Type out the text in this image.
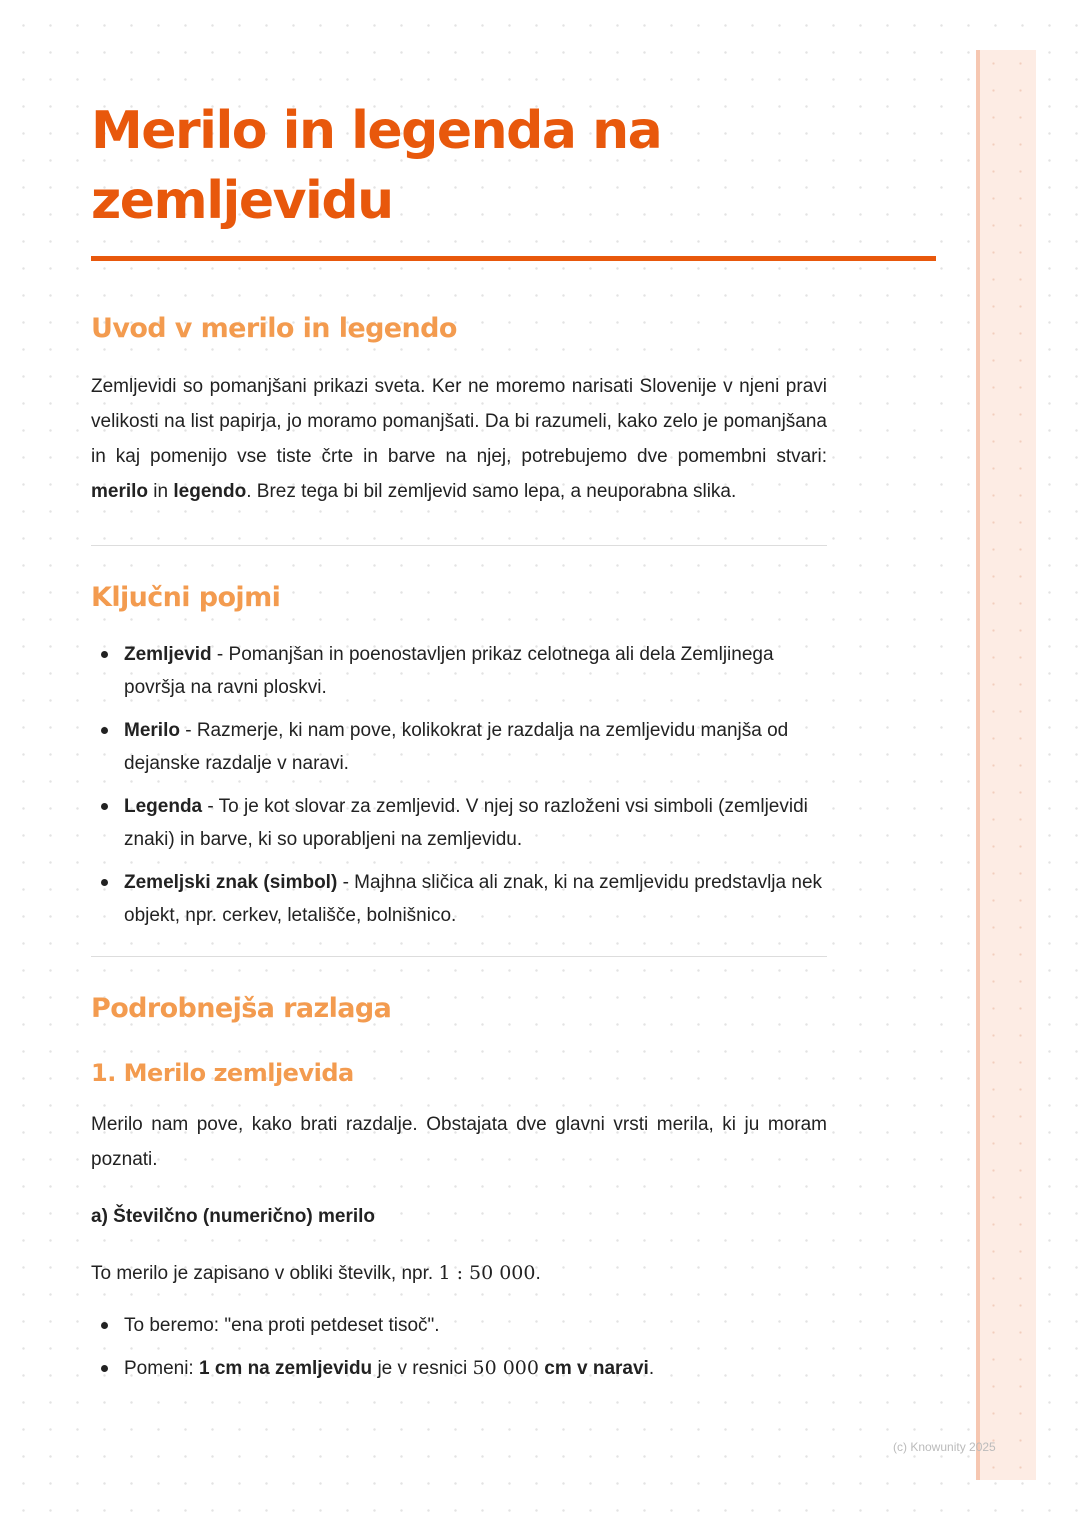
Merilo in legenda na zemljevidu
Uvod v merilo in legendo

Zemljevidi so pomanjšani prikazi sveta. Ker ne moremo narisati Slovenije v njeni pravi velikosti na list papirja, jo moramo pomanjšati. Da bi razumeli, kako zelo je pomanjšana in kaj pomenijo vse tiste črte in barve na njej, potrebujemo dve pomembni stvari: merilo in legendo. Brez tega bi bil zemljevid samo lepa, a neuporabna slika.

Ključni pojmi
Zemljevid - Pomanjšan in poenostavljen prikaz celotnega ali dela Zemljinega površja na ravni ploskvi.
Merilo - Razmerje, ki nam pove, kolikokrat je razdalja na zemljevidu manjša od dejanske razdalje v naravi.
Legenda - To je kot slovar za zemljevid. V njej so razloženi vsi simboli (zemljevidi znaki) in barve, ki so uporabljeni na zemljevidu.
Zemeljski znak (simbol) - Majhna sličica ali znak, ki na zemljevidu predstavlja nek objekt, npr. cerkev, letališče, bolnišnico.
Podrobnejša razlaga
1. Merilo zemljevida

Merilo nam pove, kako brati razdalje. Obstajata dve glavni vrsti merila, ki ju moram poznati.

a) Številčno (numerično) merilo

To merilo je zapisano v obliki številk, npr. 1 : 50 000.

To beremo: "ena proti petdeset tisoč".
Pomeni: 1 cm na zemljevidu je v resnici 50 000 cm v naravi.
(c) Knowunity 2025
